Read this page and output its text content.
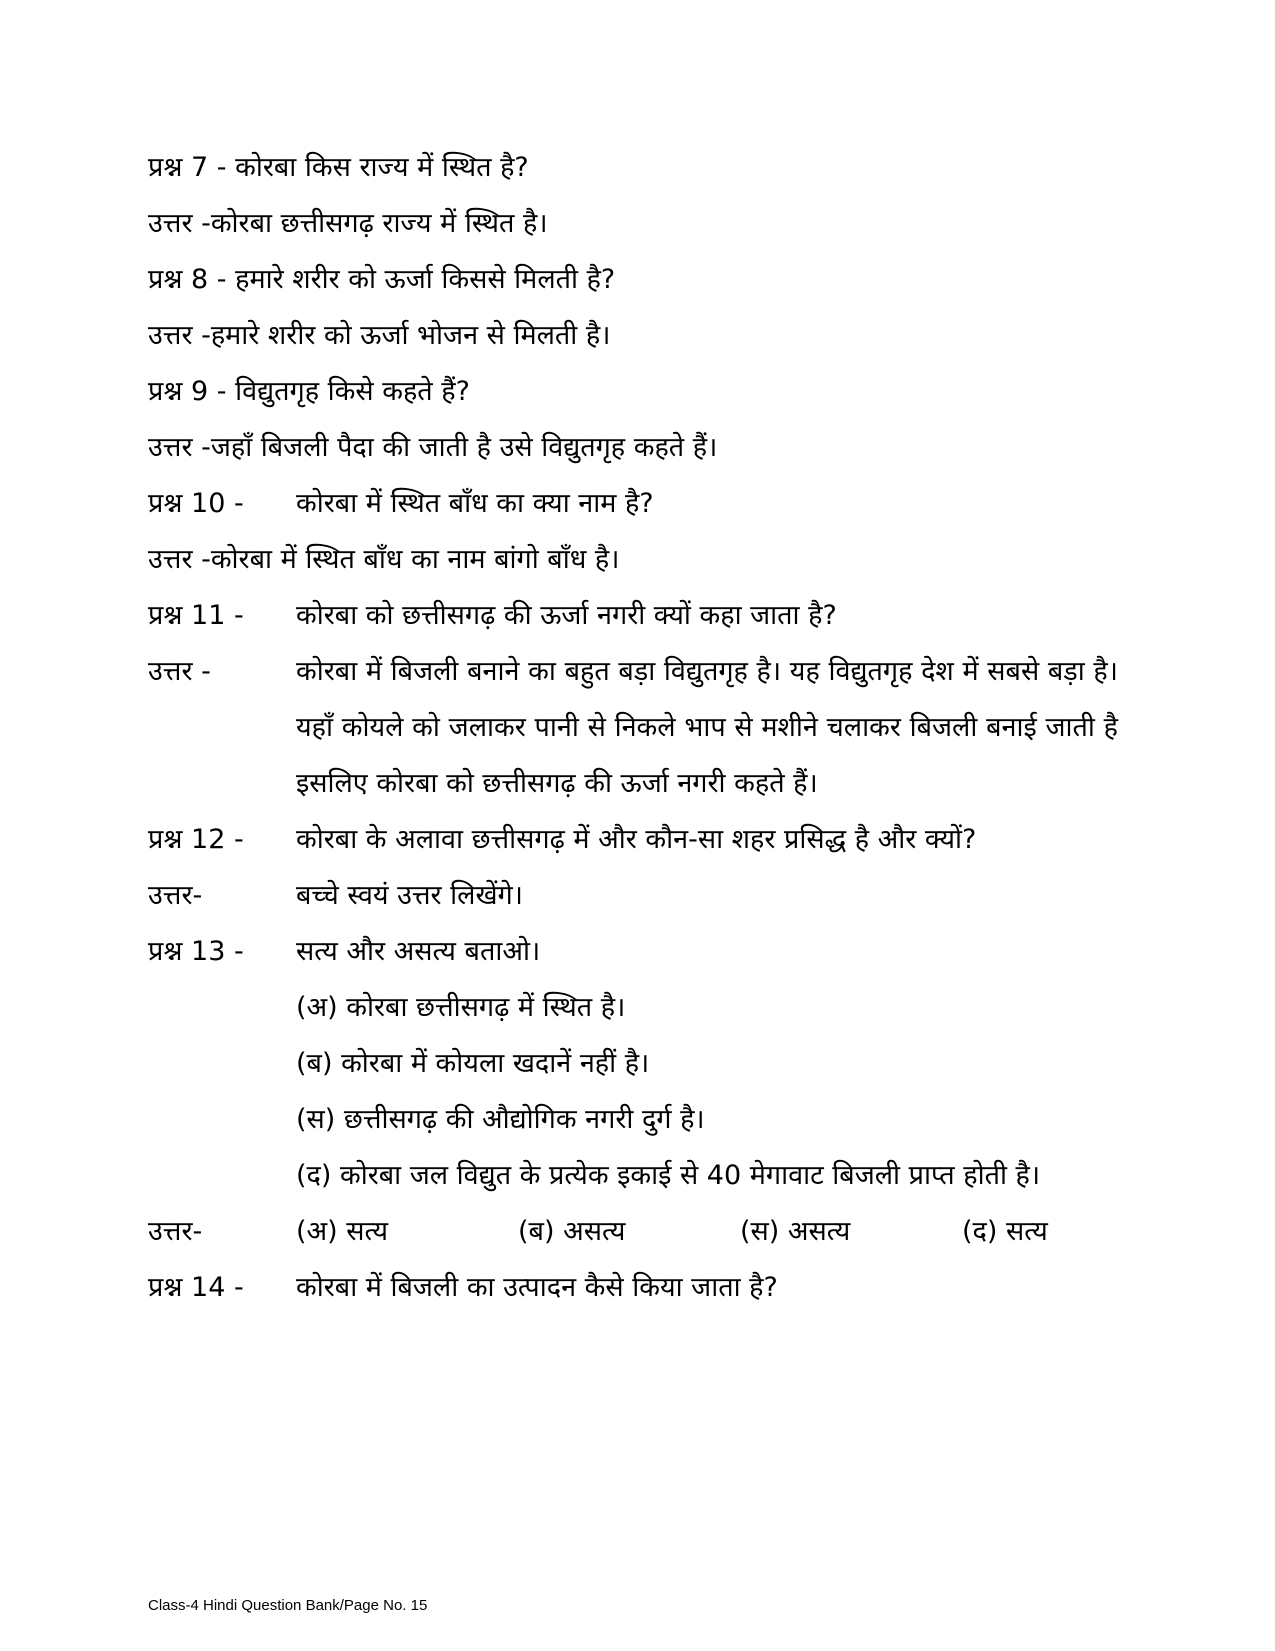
प्रश्न 7 - कोरबा किस राज्य में स्थित है?
उत्तर -कोरबा छत्तीसगढ़ राज्य में स्थित है।
प्रश्न 8 - हमारे शरीर को ऊर्जा किससे मिलती है?
उत्तर -हमारे शरीर को ऊर्जा भोजन से मिलती है।
प्रश्न 9 - विद्युतगृह किसे कहते हैं?
उत्तर -जहाँ बिजली पैदा की जाती है उसे विद्युतगृह कहते हैं।
प्रश्न 10 -	कोरबा में स्थित बाँध का क्या नाम है?
उत्तर -कोरबा में स्थित बाँध का नाम बांगो बाँध है।
प्रश्न 11 -	कोरबा को छत्तीसगढ़ की ऊर्जा नगरी क्यों कहा जाता है?
उत्तर -	कोरबा में बिजली बनाने का बहुत बड़ा विद्युतगृह है। यह विद्युतगृह देश में सबसे बड़ा है। यहाँ कोयले को जलाकर पानी से निकले भाप से मशीने चलाकर बिजली बनाई जाती है इसलिए कोरबा को छत्तीसगढ़ की ऊर्जा नगरी कहते हैं।
प्रश्न 12 -	कोरबा के अलावा छत्तीसगढ़ में और कौन-सा शहर प्रसिद्ध है और क्यों?
उत्तर-	बच्चे स्वयं उत्तर लिखेंगे।
प्रश्न 13 -	सत्य और असत्य बताओ।
(अ) कोरबा छत्तीसगढ़ में स्थित है।
(ब) कोरबा में कोयला खदानें नहीं है।
(स) छत्तीसगढ़ की औद्योगिक नगरी दुर्ग है।
(द) कोरबा जल विद्युत के प्रत्येक इकाई से 40 मेगावाट बिजली प्राप्त होती है।
उत्तर-	(अ) सत्य	(ब) असत्य	(स) असत्य	(द) सत्य
प्रश्न 14 -	कोरबा में बिजली का उत्पादन कैसे किया जाता है?
Class-4 Hindi Question Bank/Page No. 15
